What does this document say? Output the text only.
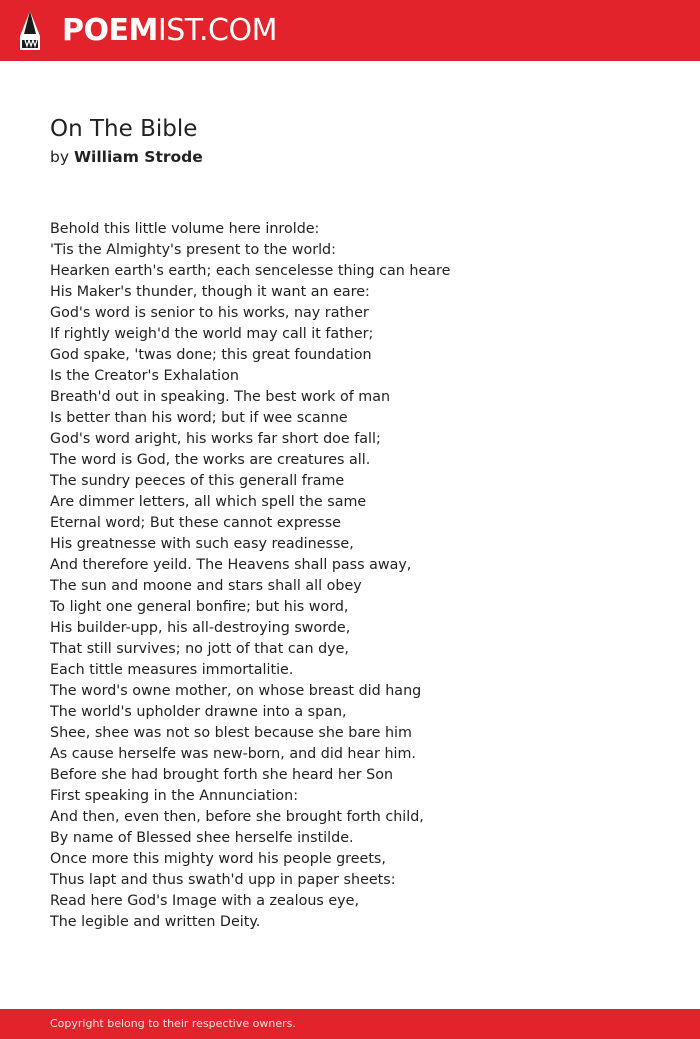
POEMIST.COM
On The Bible
by William Strode
Behold this little volume here inrolde:
'Tis the Almighty's present to the world:
Hearken earth's earth; each sencelesse thing can heare
His Maker's thunder, though it want an eare:
God's word is senior to his works, nay rather
If rightly weigh'd the world may call it father;
God spake, 'twas done; this great foundation
Is the Creator's Exhalation
Breath'd out in speaking. The best work of man
Is better than his word; but if wee scanne
God's word aright, his works far short doe fall;
The word is God, the works are creatures all.
The sundry peeces of this generall frame
Are dimmer letters, all which spell the same
Eternal word; But these cannot expresse
His greatnesse with such easy readinesse,
And therefore yeild. The Heavens shall pass away,
The sun and moone and stars shall all obey
To light one general bonfire; but his word,
His builder-upp, his all-destroying sworde,
That still survives; no jott of that can dye,
Each tittle measures immortalitie.
The word's owne mother, on whose breast did hang
The world's upholder drawne into a span,
Shee, shee was not so blest because she bare him
As cause herselfe was new-born, and did hear him.
Before she had brought forth she heard her Son
First speaking in the Annunciation:
And then, even then, before she brought forth child,
By name of Blessed shee herselfe instilde.
Once more this mighty word his people greets,
Thus lapt and thus swath'd upp in paper sheets:
Read here God's Image with a zealous eye,
The legible and written Deity.
Copyright belong to their respective owners.
